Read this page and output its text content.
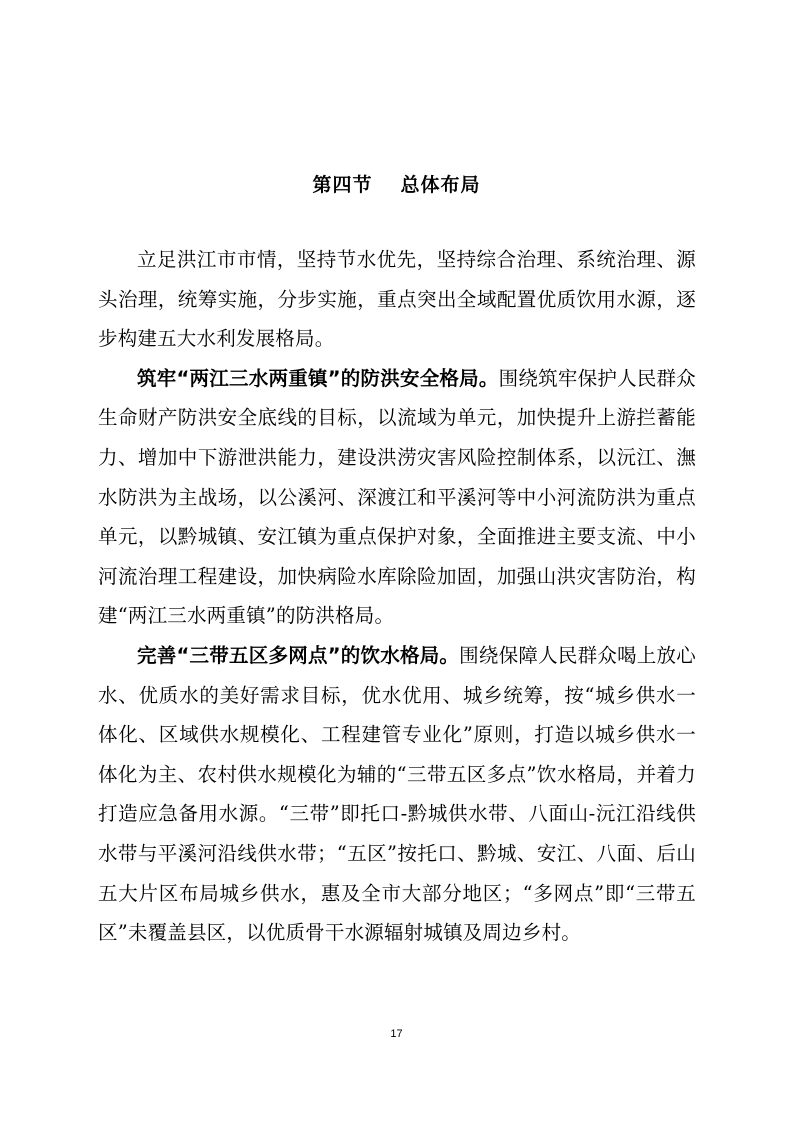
第四节 总体布局

立足洪江市市情，坚持节水优先，坚持综合治理、系统治理、源头治理，统筹实施，分步实施，重点突出全域配置优质饮用水源，逐步构建五大水利发展格局。

筑牢“两江三水两重镇”的防洪安全格局。围绕筑牢保护人民群众生命财产防洪安全底线的目标，以流域为单元，加快提升上游拦蓄能力、增加中下游泄洪能力，建设洪涝灾害风险控制体系，以沅江、潕水防洪为主战场，以公溪河、深渡江和平溪河等中小河流防洪为重点单元，以黔城镇、安江镇为重点保护对象，全面推进主要支流、中小河流治理工程建设，加快病险水库除险加固，加强山洪灾害防治，构建“两江三水两重镇”的防洪格局。

完善“三带五区多网点”的饮水格局。围绕保障人民群众喝上放心水、优质水的美好需求目标，优水优用、城乡统筹，按“城乡供水一体化、区域供水规模化、工程建管专业化”原则，打造以城乡供水一体化为主、农村供水规模化为辅的“三带五区多点”饮水格局，并着力打造应急备用水源。“三带”即托口-黔城供水带、八面山-沅江沿线供水带与平溪河沿线供水带；“五区”按托口、黔城、安江、八面、后山五大片区布局城乡供水，惠及全市大部分地区；“多网点”即“三带五区”未覆盖县区，以优质骨干水源辐射城镇及周边乡村。

17
